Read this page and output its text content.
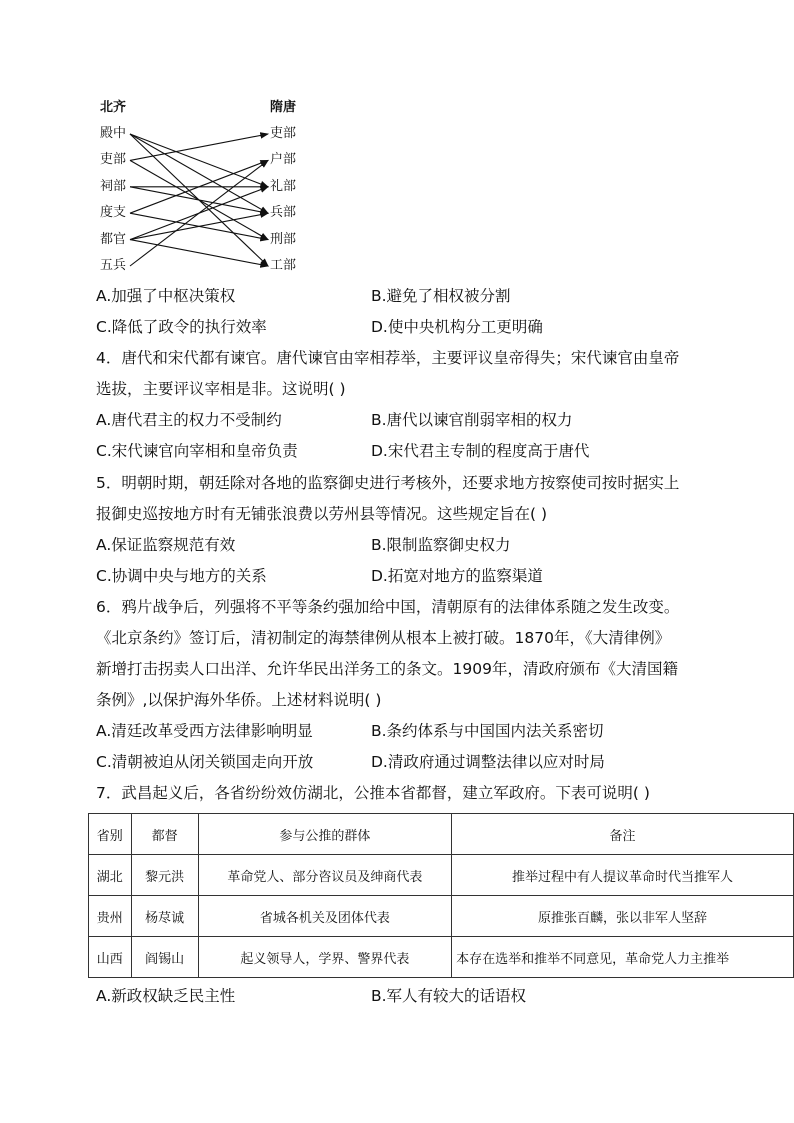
北齐	隋唐
殿中
吏部
祠部
度支
都官
五兵
吏部
户部
礼部
兵部
刑部
工部
A.加强了中枢决策权	B.避免了相权被分割
C.降低了政令的执行效率	D.使中央机构分工更明确
4．唐代和宋代都有谏官。唐代谏官由宰相荐举，主要评议皇帝得失；宋代谏官由皇帝
选拔，主要评议宰相是非。这说明( )
A.唐代君主的权力不受制约	B.唐代以谏官削弱宰相的权力
C.宋代谏官向宰相和皇帝负责	D.宋代君主专制的程度高于唐代
5．明朝时期，朝廷除对各地的监察御史进行考核外，还要求地方按察使司按时据实上
报御史巡按地方时有无铺张浪费以劳州县等情况。这些规定旨在( )
A.保证监察规范有效	B.限制监察御史权力
C.协调中央与地方的关系	D.拓宽对地方的监察渠道
6．鸦片战争后，列强将不平等条约强加给中国，清朝原有的法律体系随之发生改变。
《北京条约》签订后，清初制定的海禁律例从根本上被打破。1870年，《大清律例》
新增打击拐卖人口出洋、允许华民出洋务工的条文。1909年，清政府颁布《大清国籍
条例》,以保护海外华侨。上述材料说明( )
A.清廷改革受西方法律影响明显	B.条约体系与中国国内法关系密切
C.清朝被迫从闭关锁国走向开放	D.清政府通过调整法律以应对时局
7．武昌起义后，各省纷纷效仿湖北，公推本省都督，建立军政府。下表可说明( )
省别	都督	参与公推的群体	备注
湖北	黎元洪	革命党人、部分咨议员及绅商代表	推举过程中有人提议革命时代当推军人
贵州	杨荩诚	省城各机关及团体代表	原推张百麟，张以非军人坚辞
山西	阎锡山	起义领导人，学界、警界代表	本存在选举和推举不同意见，革命党人力主推举
A.新政权缺乏民主性	B.军人有较大的话语权
